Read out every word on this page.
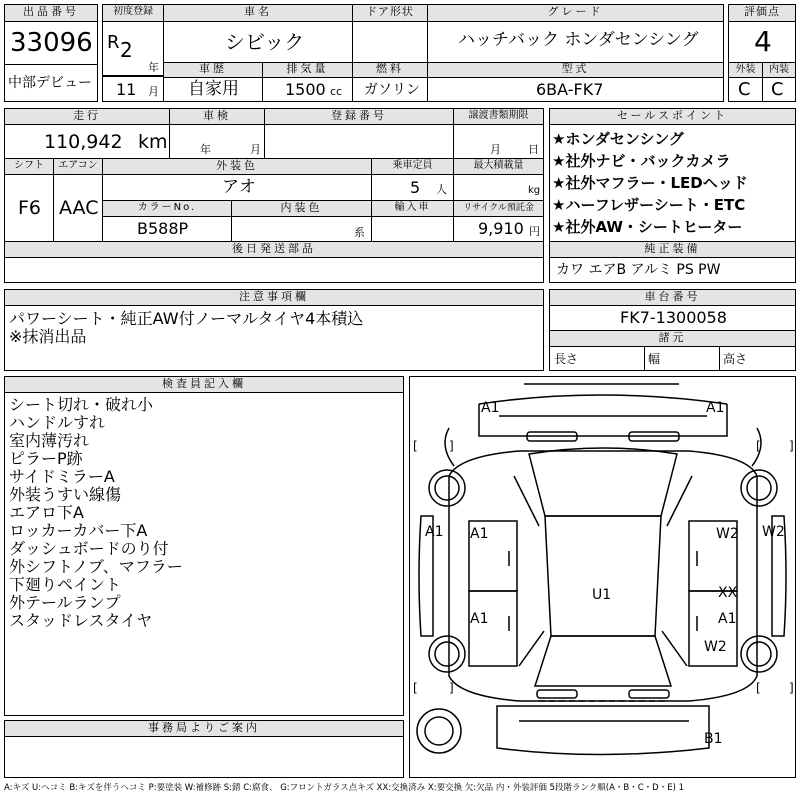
出品番号
33096
中部デビュー
初度登録
R 2
年
11 月
車名
シビック
ドア形状	グレード
ハッチバック ホンダセンシング
評価点
4
外装	内装
C C
車歴
自家用
排気量
1500 cc
燃料
ガソリン
型式
6BA-FK7
走行
110,942 km
車検
年	月
登録番号	譲渡書類期限
月 日
セールスポイント
★ホンダセンシング
★社外ナビ・バックカメラ
★社外マフラー・LEDヘッド
★ハーフレザーシート・ETC
★社外AW・シートヒーター
シフト
F6
エアコン
AAC
外装色
アオ
乗車定員
5 人
最大積載量
kg
カラーNo.
B588P
内装色
系
輸入車	リサイクル預託金
9,910 円
後日発送部品	純正装備
カワ エアB アルミ PS PW
注意事項欄
パワーシート・純正AW付ノーマルタイヤ4本積込
※抹消出品
車台番号
FK7-1300058
諸元
長さ	幅	高さ
検査員記入欄
シート切れ・破れ小
ハンドルすれ
室内薄汚れ
ピラーP跡
サイドミラーA
外装うすい線傷
エアロ下A
ロッカーカバー下A
ダッシュボードのり付
外シフトノブ、マフラー
下廻りペイント
外テールランプ
スタッドレスタイヤ
事務局よりご案内
[	]	[ ]
[	]	[ ]
A1	A1
A1	W2
A1
A1
W2
XX
A1
W2
U1
B1
A:キズ U:ヘコミ B:キズを伴うヘコミ P:要塗装 W:補修跡 S:錆 C:腐食、 G:フロントガラス点キズ XX:交換済み X:要交換 欠:欠品 内・外装評価 5段階ランク順(A・B・C・D・E) 1
